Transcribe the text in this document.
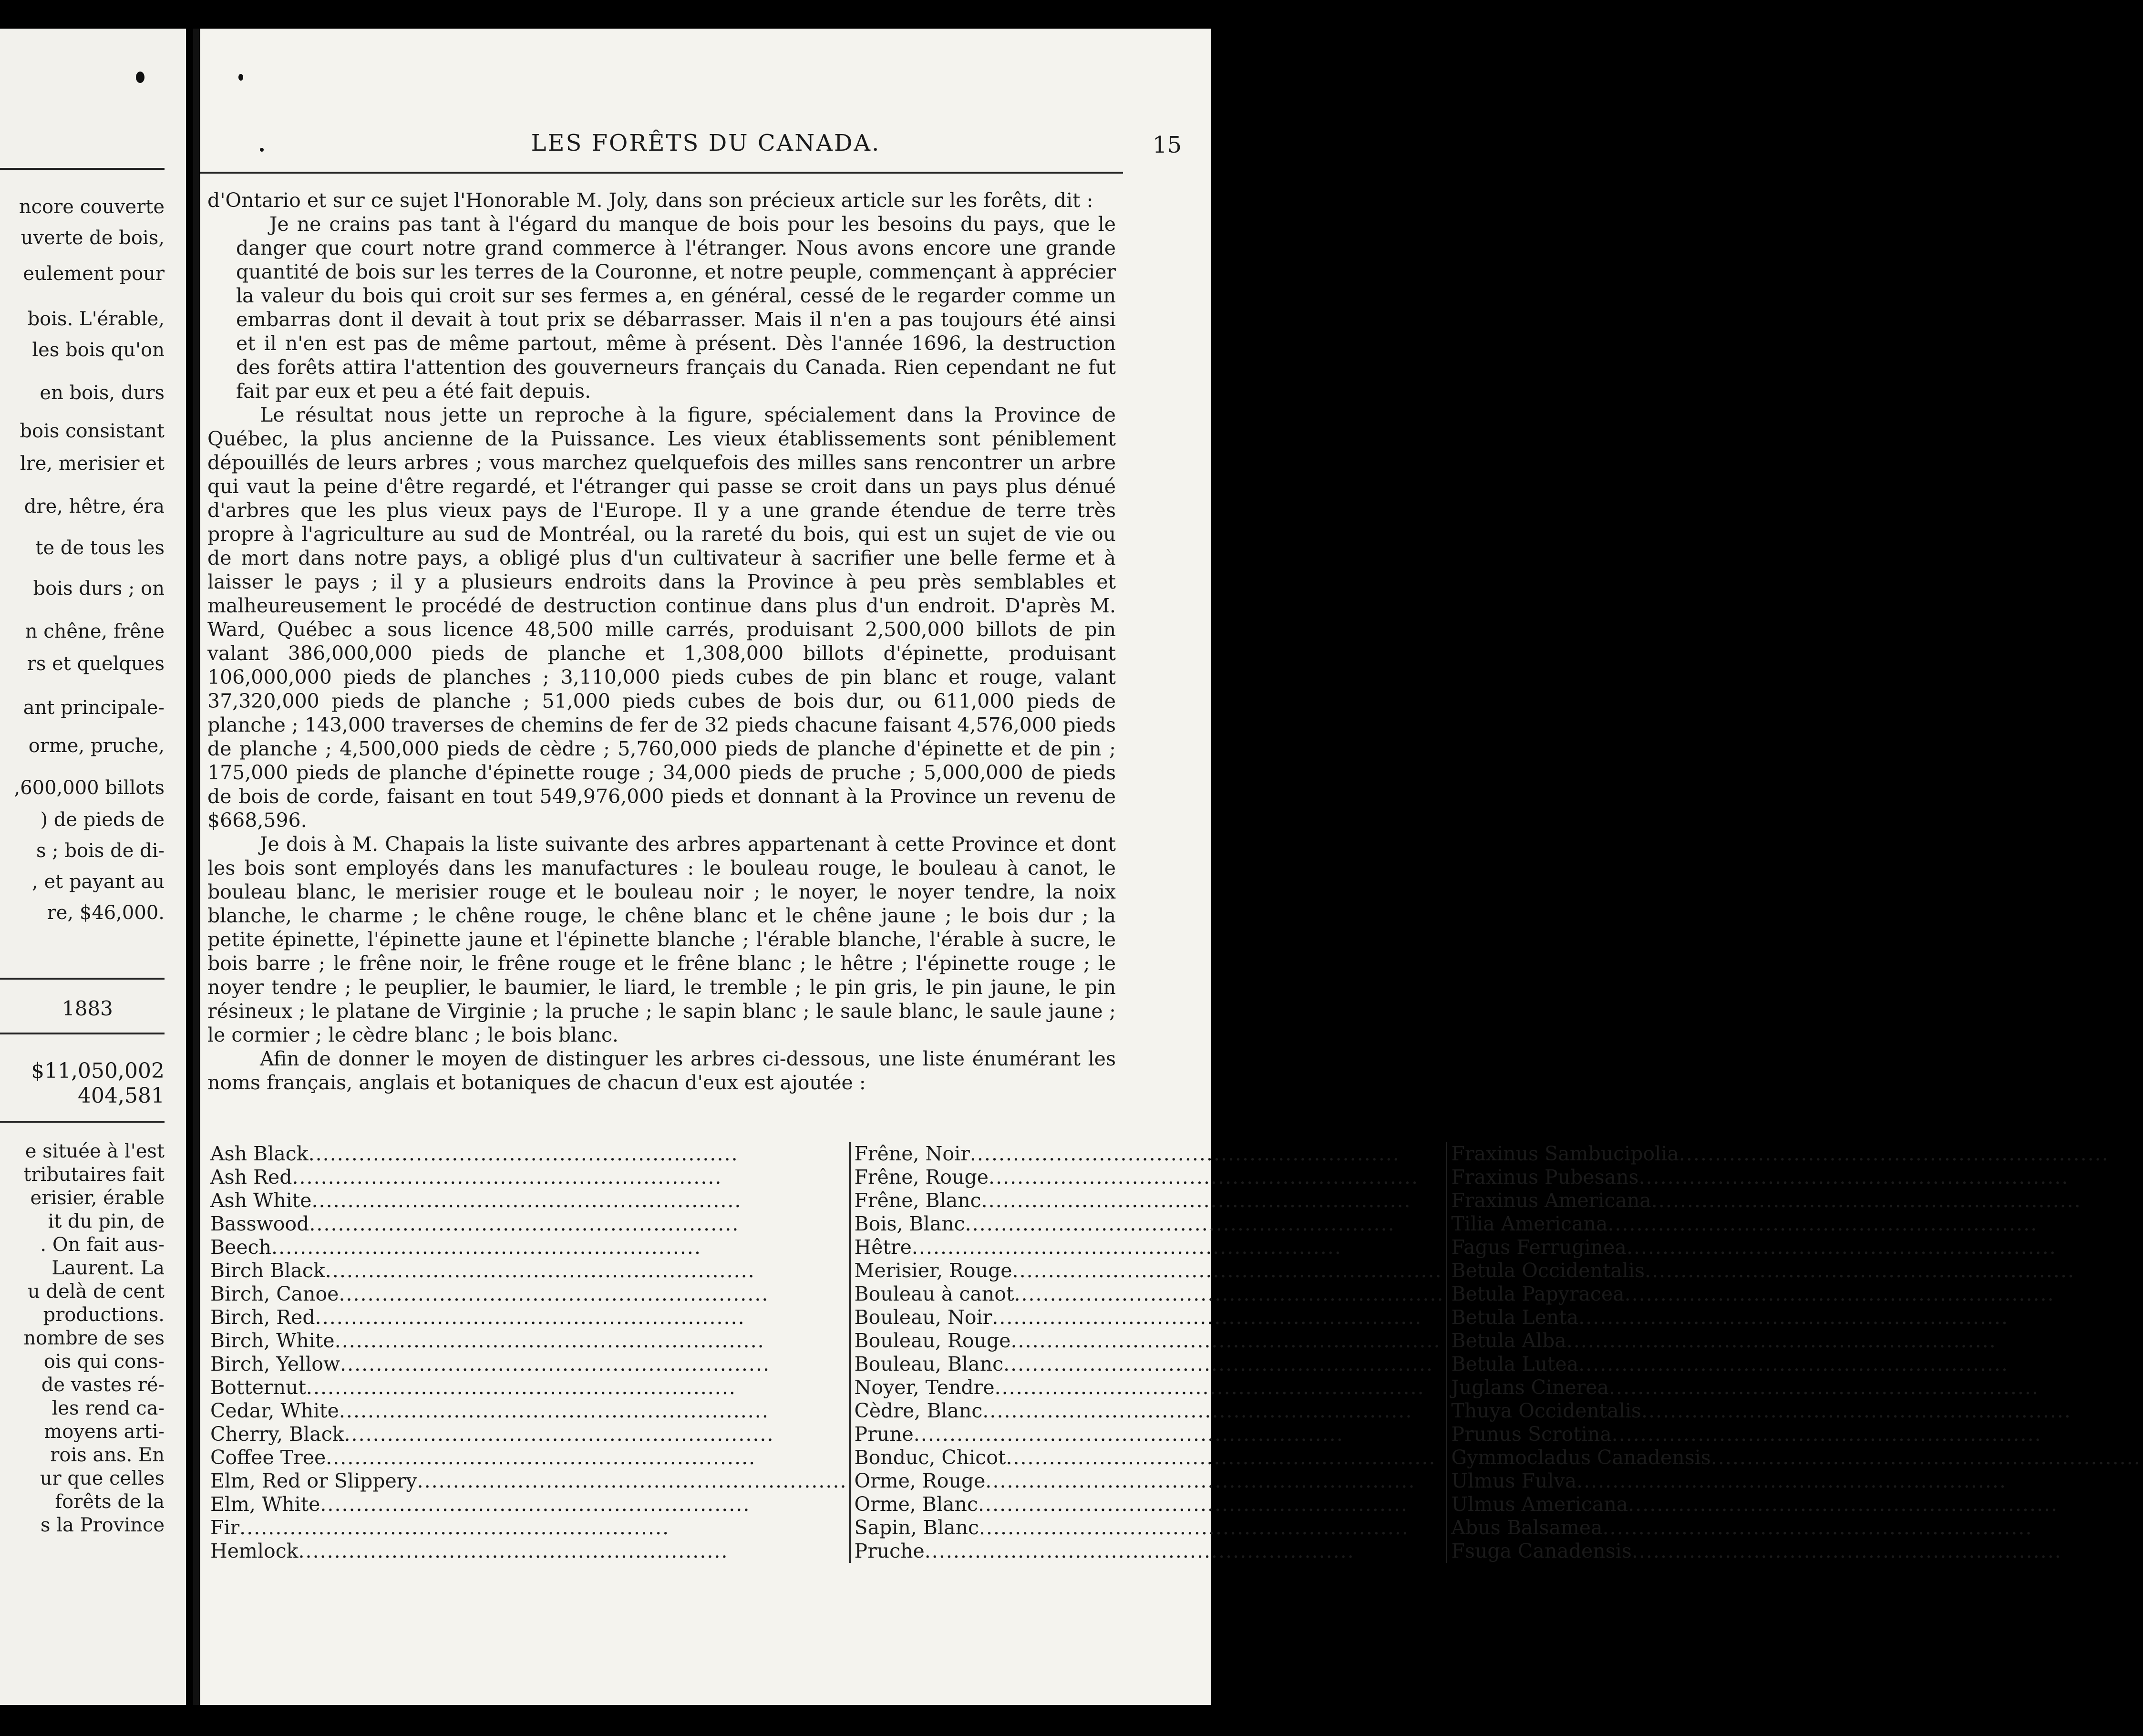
ncore couverte
uverte de bois,
eulement pour
bois. L'érable,
les bois qu'on
en bois, durs
bois consistant
lre, merisier et
dre, hêtre, éra
te de tous les
bois durs ; on
n chêne, frêne
rs et quelques
ant principale-
orme, pruche,
,600,000 billots
) de pieds de
s ; bois de di-
, et payant au
re, $46,000.
1883
$11,050,002
404,581
e située à l'est
tributaires fait
erisier, érable
it du pin, de
. On fait aus-
Laurent. La
u delà de cent
productions.
nombre de ses
ois qui cons-
de vastes ré-
les rend ca-
moyens arti-
rois ans. En
ur que celles
forêts de la
s la Province
LES FORÊTS DU CANADA.	15

d'Ontario et sur ce sujet l'Honorable M. Joly, dans son précieux article sur les forêts, dit :

Je ne crains pas tant à l'égard du manque de bois pour les besoins du pays, que le danger que court notre grand commerce à l'étranger. Nous avons encore une grande quantité de bois sur les terres de la Couronne, et notre peuple, commençant à apprécier la valeur du bois qui croit sur ses fermes a, en général, cessé de le regarder comme un embarras dont il devait à tout prix se débarrasser. Mais il n'en a pas toujours été ainsi et il n'en est pas de même partout, même à présent. Dès l'année 1696, la destruction des forêts attira l'attention des gouverneurs français du Canada. Rien cependant ne fut fait par eux et peu a été fait depuis.

Le résultat nous jette un reproche à la figure, spécialement dans la Province de Québec, la plus ancienne de la Puissance. Les vieux établissements sont péniblement dépouillés de leurs arbres ; vous marchez quelquefois des milles sans rencontrer un arbre qui vaut la peine d'être regardé, et l'étranger qui passe se croit dans un pays plus dénué d'arbres que les plus vieux pays de l'Europe. Il y a une grande étendue de terre très propre à l'agriculture au sud de Montréal, ou la rareté du bois, qui est un sujet de vie ou de mort dans notre pays, a obligé plus d'un cultivateur à sacrifier une belle ferme et à laisser le pays ; il y a plusieurs endroits dans la Province à peu près semblables et malheureusement le procédé de destruction continue dans plus d'un endroit. D'après M. Ward, Québec a sous licence 48,500 mille carrés, produisant 2,500,000 billots de pin valant 386,000,000 pieds de planche et 1,308,000 billots d'épinette, produisant 106,000,000 pieds de planches ; 3,110,000 pieds cubes de pin blanc et rouge, valant 37,320,000 pieds de planche ; 51,000 pieds cubes de bois dur, ou 611,000 pieds de planche ; 143,000 traverses de chemins de fer de 32 pieds chacune faisant 4,576,000 pieds de planche ; 4,500,000 pieds de cèdre ; 5,760,000 pieds de planche d'épinette et de pin ; 175,000 pieds de planche d'épinette rouge ; 34,000 pieds de pruche ; 5,000,000 de pieds de bois de corde, faisant en tout 549,976,000 pieds et donnant à la Province un revenu de $668,596.

Je dois à M. Chapais la liste suivante des arbres appartenant à cette Province et dont les bois sont employés dans les manufactures : le bouleau rouge, le bouleau à canot, le bouleau blanc, le merisier rouge et le bouleau noir ; le noyer, le noyer tendre, la noix blanche, le charme ; le chêne rouge, le chêne blanc et le chêne jaune ; le bois dur ; la petite épinette, l'épinette jaune et l'épinette blanche ; l'érable blanche, l'érable à sucre, le bois barre ; le frêne noir, le frêne rouge et le frêne blanc ; le hêtre ; l'épinette rouge ; le noyer tendre ; le peuplier, le baumier, le liard, le tremble ; le pin gris, le pin jaune, le pin résineux ; le platane de Virginie ; la pruche ; le sapin blanc ; le saule blanc, le saule jaune ; le cormier ; le cèdre blanc ; le bois blanc.

Afin de donner le moyen de distinguer les arbres ci-dessous, une liste énumérant les noms français, anglais et botaniques de chacun d'eux est ajoutée :

Ash Black............................................................	Frêne, Noir............................................................	Fraxinus Sambucipolia............................................................
Ash Red............................................................	Frêne, Rouge............................................................	Fraxinus Pubesans............................................................
Ash White............................................................	Frêne, Blanc............................................................	Fraxinus Americana............................................................
Basswood............................................................	Bois, Blanc............................................................	Tilia Americana............................................................
Beech............................................................	Hêtre............................................................	Fagus Ferruginea............................................................
Birch Black............................................................	Merisier, Rouge............................................................	Betula Occidentalis............................................................
Birch, Canoe............................................................	Bouleau à canot............................................................	Betula Papyracea............................................................
Birch, Red............................................................	Bouleau, Noir............................................................	Betula Lenta............................................................
Birch, White............................................................	Bouleau, Rouge............................................................	Betula Alba............................................................
Birch, Yellow............................................................	Bouleau, Blanc............................................................	Betula Lutea............................................................
Botternut............................................................	Noyer, Tendre............................................................	Juglans Cinerea............................................................
Cedar, White............................................................	Cèdre, Blanc............................................................	Thuya Occidentalis............................................................
Cherry, Black............................................................	Prune............................................................	Prunus Scrotina............................................................
Coffee Tree............................................................	Bonduc, Chicot............................................................	Gymmocladus Canadensis............................................................
Elm, Red or Slippery............................................................	Orme, Rouge............................................................	Ulmus Fulva............................................................
Elm, White............................................................	Orme, Blanc............................................................	Ulmus Americana............................................................
Fir............................................................	Sapin, Blanc............................................................	Abus Balsamea............................................................
Hemlock............................................................	Pruche............................................................	Fsuga Canadensis............................................................
